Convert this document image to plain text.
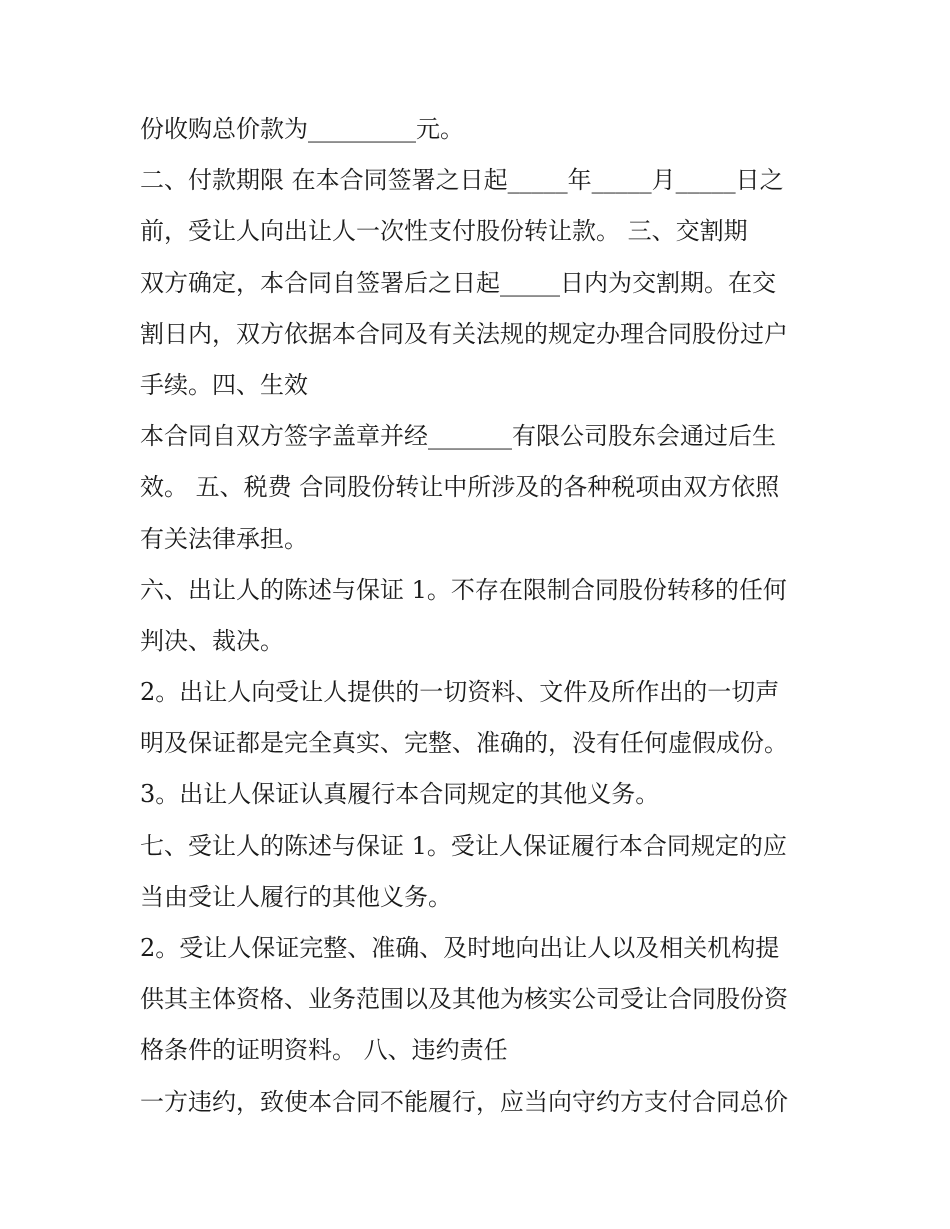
份收购总价款为_________元。
二、付款期限 在本合同签署之日起_____年_____月_____日之
前，受让人向出让人一次性支付股份转让款。 三、交割期
双方确定，本合同自签署后之日起_____日内为交割期。在交
割日内，双方依据本合同及有关法规的规定办理合同股份过户
手续。四、生效
本合同自双方签字盖章并经_______有限公司股东会通过后生
效。 五、税费 合同股份转让中所涉及的各种税项由双方依照
有关法律承担。
六、出让人的陈述与保证 1。不存在限制合同股份转移的任何
判决、裁决。
2。出让人向受让人提供的一切资料、文件及所作出的一切声
明及保证都是完全真实、完整、准确的，没有任何虚假成份。
3。出让人保证认真履行本合同规定的其他义务。
七、受让人的陈述与保证 1。受让人保证履行本合同规定的应
当由受让人履行的其他义务。
2。受让人保证完整、准确、及时地向出让人以及相关机构提
供其主体资格、业务范围以及其他为核实公司受让合同股份资
格条件的证明资料。 八、违约责任
一方违约，致使本合同不能履行，应当向守约方支付合同总价
